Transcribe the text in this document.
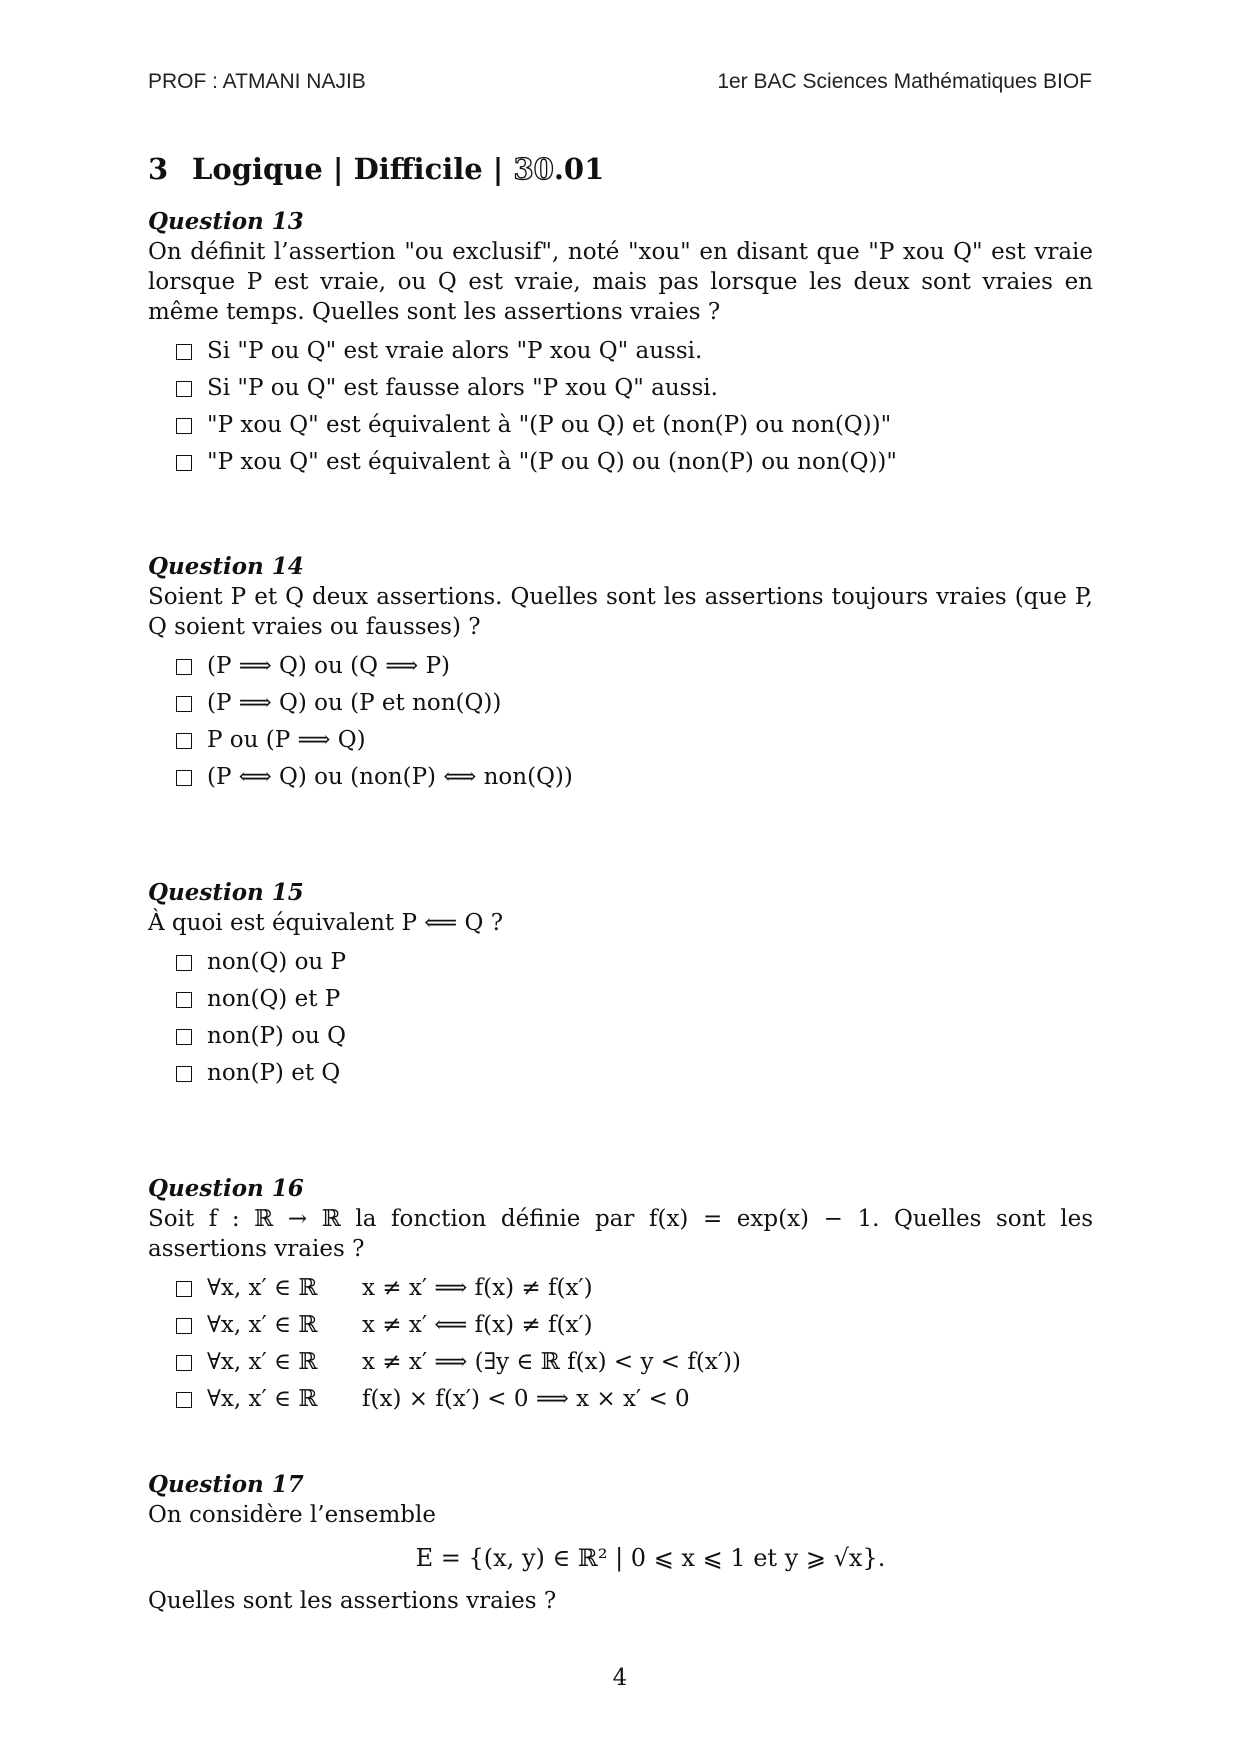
PROF : ATMANI NAJIB	1er BAC Sciences Mathématiques BIOF
3 Logique | Difficile | 30.01
Question 13
On définit l’assertion "ou exclusif", noté "xou" en disant que "P xou Q" est vraie lorsque P est vraie, ou Q est vraie, mais pas lorsque les deux sont vraies en même temps. Quelles sont les assertions vraies ?
Si "P ou Q" est vraie alors "P xou Q" aussi.
Si "P ou Q" est fausse alors "P xou Q" aussi.
"P xou Q" est équivalent à "(P ou Q) et (non(P) ou non(Q))"
"P xou Q" est équivalent à "(P ou Q) ou (non(P) ou non(Q))"
Question 14
Soient P et Q deux assertions. Quelles sont les assertions toujours vraies (que P, Q soient vraies ou fausses) ?
(P ⟹ Q) ou (Q ⟹ P)
(P ⟹ Q) ou (P et non(Q))
P ou (P ⟹ Q)
(P ⟺ Q) ou (non(P) ⟺ non(Q))
Question 15
À quoi est équivalent P ⟸ Q ?
non(Q) ou P
non(Q) et P
non(P) ou Q
non(P) et Q
Question 16
Soit f : ℝ → ℝ la fonction définie par f(x) = exp(x) − 1. Quelles sont les assertions vraies ?
∀x, x′ ∈ ℝ	x ≠ x′ ⟹ f(x) ≠ f(x′)
∀x, x′ ∈ ℝ	x ≠ x′ ⟸ f(x) ≠ f(x′)
∀x, x′ ∈ ℝ	x ≠ x′ ⟹ (∃y ∈ ℝ f(x) < y < f(x′))
∀x, x′ ∈ ℝ	f(x) × f(x′) < 0 ⟹ x × x′ < 0
Question 17
On considère l’ensemble
E = {(x, y) ∈ ℝ² | 0 ⩽ x ⩽ 1 et y ⩾ √x}.
Quelles sont les assertions vraies ?
4
